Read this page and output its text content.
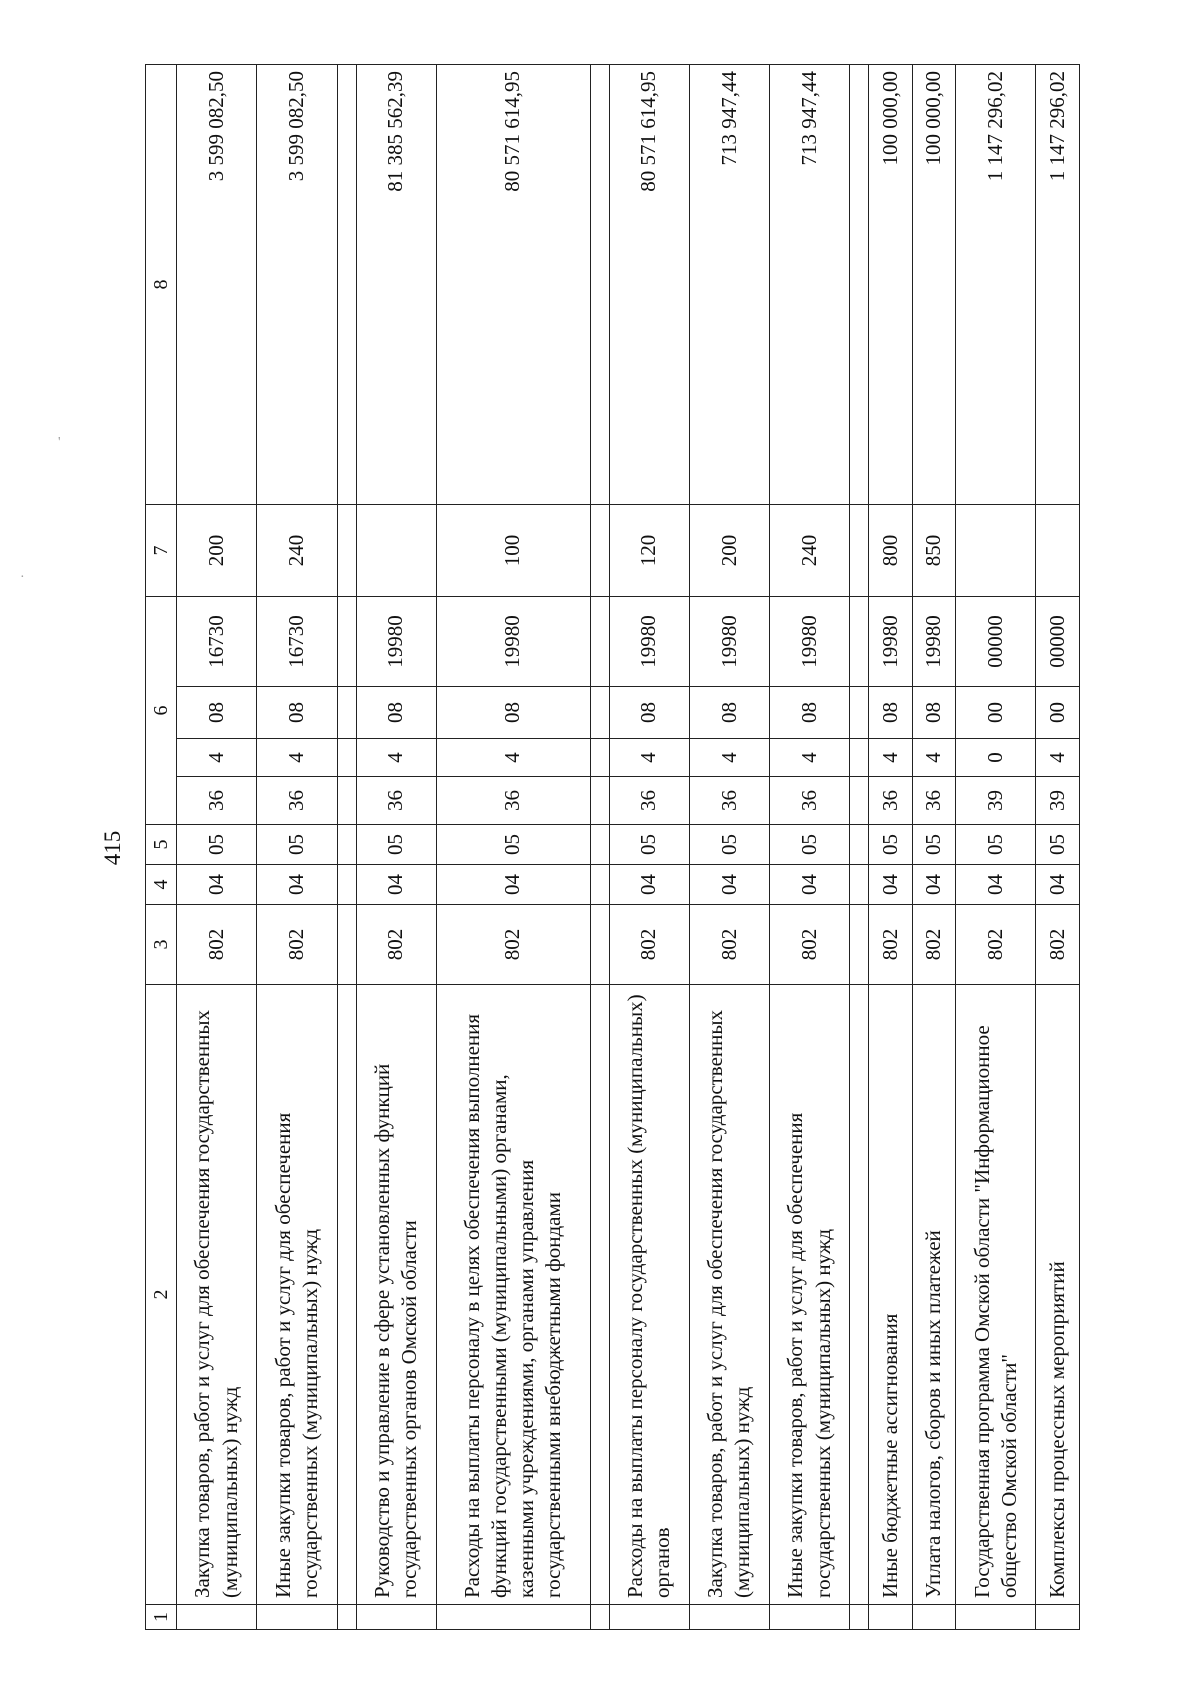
415
'
·
1	2	3	4	5	6				7	8
	Закупка товаров, работ и услуг для обеспечения государственных (муниципальных) нужд	802	04	05	36	4	08	16730	200	3 599 082,50
	Иные закупки товаров, работ и услуг для обеспечения государственных (муниципальных) нужд	802	04	05	36	4	08	16730	240	3 599 082,50

	Руководство и управление в сфере установленных функций государственных органов Омской области	802	04	05	36	4	08	19980		81 385 562,39
	Расходы на выплаты персоналу в целях обеспечения выполнения функций государственными (муниципальными) органами, казенными учреждениями, органами управления государственными внебюджетными фондами	802	04	05	36	4	08	19980	100	80 571 614,95

	Расходы на выплаты персоналу государственных (муниципальных) органов	802	04	05	36	4	08	19980	120	80 571 614,95
	Закупка товаров, работ и услуг для обеспечения государственных (муниципальных) нужд	802	04	05	36	4	08	19980	200	713 947,44
	Иные закупки товаров, работ и услуг для обеспечения государственных (муниципальных) нужд	802	04	05	36	4	08	19980	240	713 947,44

	Иные бюджетные ассигнования	802	04	05	36	4	08	19980	800	100 000,00
	Уплата налогов, сборов и иных платежей	802	04	05	36	4	08	19980	850	100 000,00
	Государственная программа Омской области "Информационное общество Омской области"	802	04	05	39	0	00	00000		1 147 296,02
	Комплексы процессных мероприятий	802	04	05	39	4	00	00000		1 147 296,02
